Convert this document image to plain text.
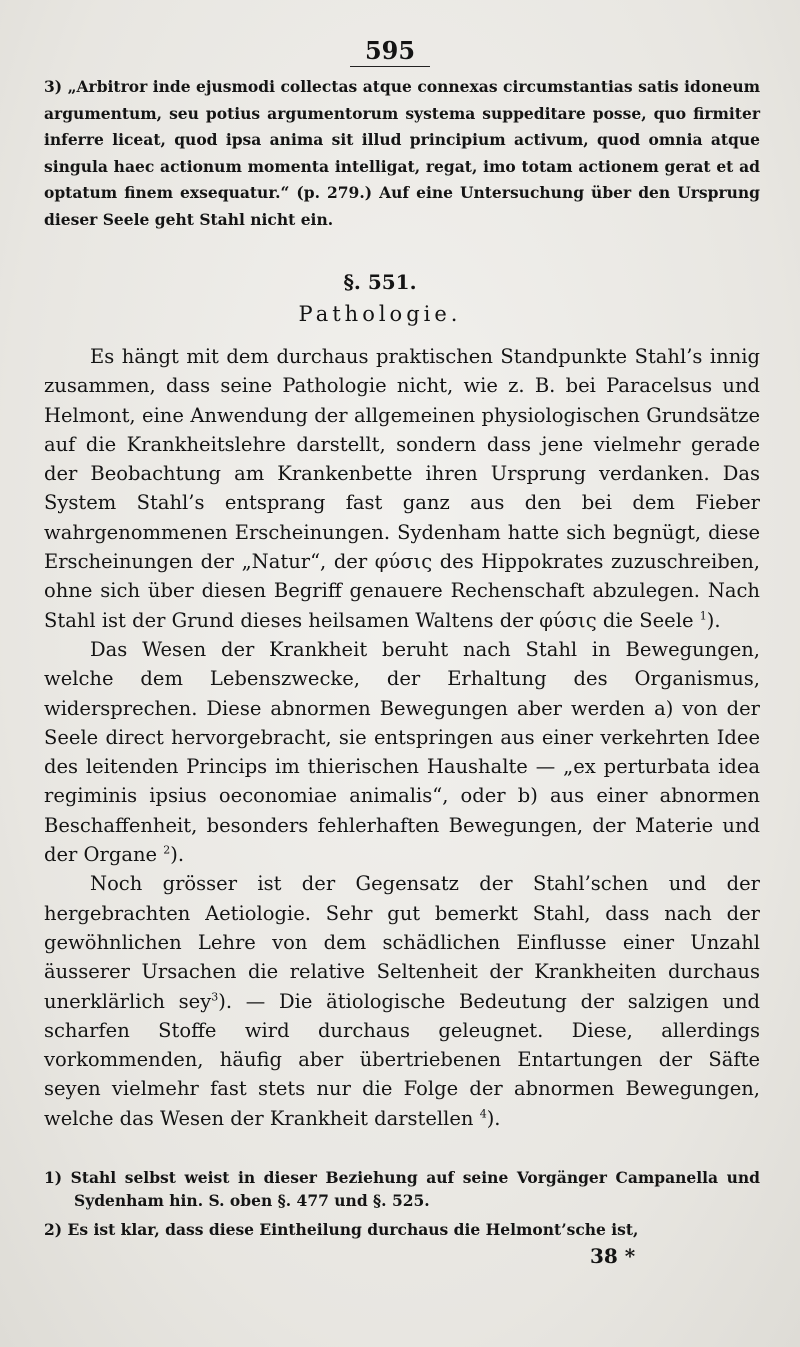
595

3) „Arbitror inde ejusmodi collectas atque connexas circumstantias satis idoneum argumentum, seu potius argumentorum systema suppeditare posse, quo firmiter inferre liceat, quod ipsa anima sit illud principium activum, quod omnia atque singula haec actionum momenta intelligat, regat, imo totam actionem gerat et ad optatum finem exsequatur.“ (p. 279.) Auf eine Untersuchung über den Ursprung dieser Seele geht Stahl nicht ein.

§. 551.
Pathologie.

Es hängt mit dem durchaus praktischen Standpunkte Stahl’s innig zusammen, dass seine Pathologie nicht, wie z. B. bei Paracelsus und Helmont, eine Anwendung der allgemeinen physiologischen Grundsätze auf die Krankheitslehre darstellt, sondern dass jene vielmehr gerade der Beobachtung am Krankenbette ihren Ursprung verdanken. Das System Stahl’s entsprang fast ganz aus den bei dem Fieber wahrgenommenen Erscheinungen. Sydenham hatte sich begnügt, diese Erscheinungen der „Natur“, der φύσις des Hippokrates zuzuschreiben, ohne sich über diesen Begriff genauere Rechenschaft abzulegen. Nach Stahl ist der Grund dieses heilsamen Waltens der φύσις die Seele $^1$).

Das Wesen der Krankheit beruht nach Stahl in Bewegungen, welche dem Lebenszwecke, der Erhaltung des Organismus, widersprechen. Diese abnormen Bewegungen aber werden a) von der Seele direct hervorgebracht, sie entspringen aus einer verkehrten Idee des leitenden Princips im thierischen Haushalte — „ex perturbata idea regiminis ipsius oeconomiae animalis“, oder b) aus einer abnormen Beschaffenheit, besonders fehlerhaften Bewegungen, der Materie und der Organe $^2$).

Noch grösser ist der Gegensatz der Stahl’schen und der hergebrachten Aetiologie. Sehr gut bemerkt Stahl, dass nach der gewöhnlichen Lehre von dem schädlichen Einflusse einer Unzahl äusserer Ursachen die relative Seltenheit der Krankheiten durchaus unerklärlich sey$^3$). — Die ätiologische Bedeutung der salzigen und scharfen Stoffe wird durchaus geleugnet. Diese, allerdings vorkommenden, häufig aber übertriebenen Entartungen der Säfte seyen vielmehr fast stets nur die Folge der abnormen Bewegungen, welche das Wesen der Krankheit darstellen $^4$).

1) Stahl selbst weist in dieser Beziehung auf seine Vorgänger Campanella und Sydenham hin. S. oben §. 477 und §. 525.

2) Es ist klar, dass diese Eintheilung durchaus die Helmont’sche ist,

38 *
